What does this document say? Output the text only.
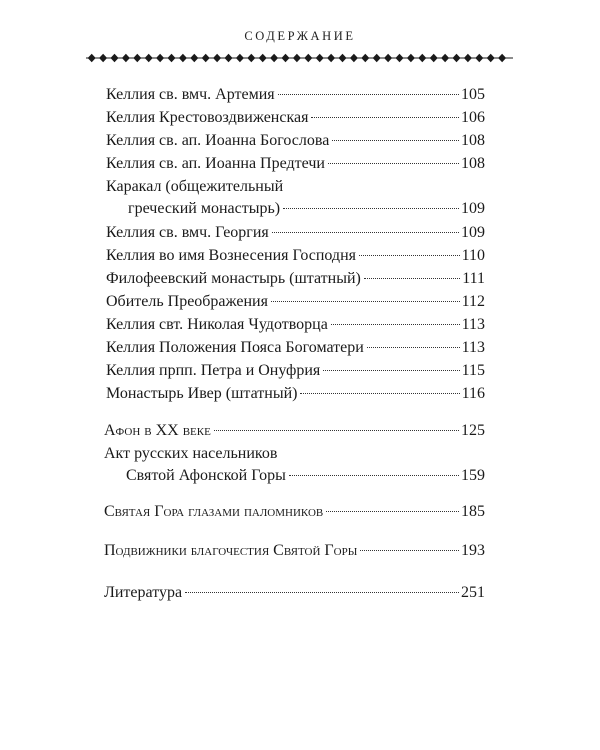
СОДЕРЖАНИЕ
Келлия св. вмч. Артемия	105
Келлия Крестовоздвиженская	106
Келлия св. ап. Иоанна Богослова	108
Келлия св. ап. Иоанна Предтечи	108
Каракал (общежительный
греческий монастырь)	109
Келлия св. вмч. Георгия	109
Келлия во имя Вознесения Господня	110
Филофеевский монастырь (штатный)	111
Обитель Преображения	112
Келлия свт. Николая Чудотворца	113
Келлия Положения Пояса Богоматери	113
Келлия прпп. Петра и Онуфрия	115
Монастырь Ивер (штатный)	116
Афон в XX веке	125
Акт русских насельников
Святой Афонской Горы	159
Святая Гора глазами паломников	185
Подвижники благочестия Святой Горы	193
Литература	251
